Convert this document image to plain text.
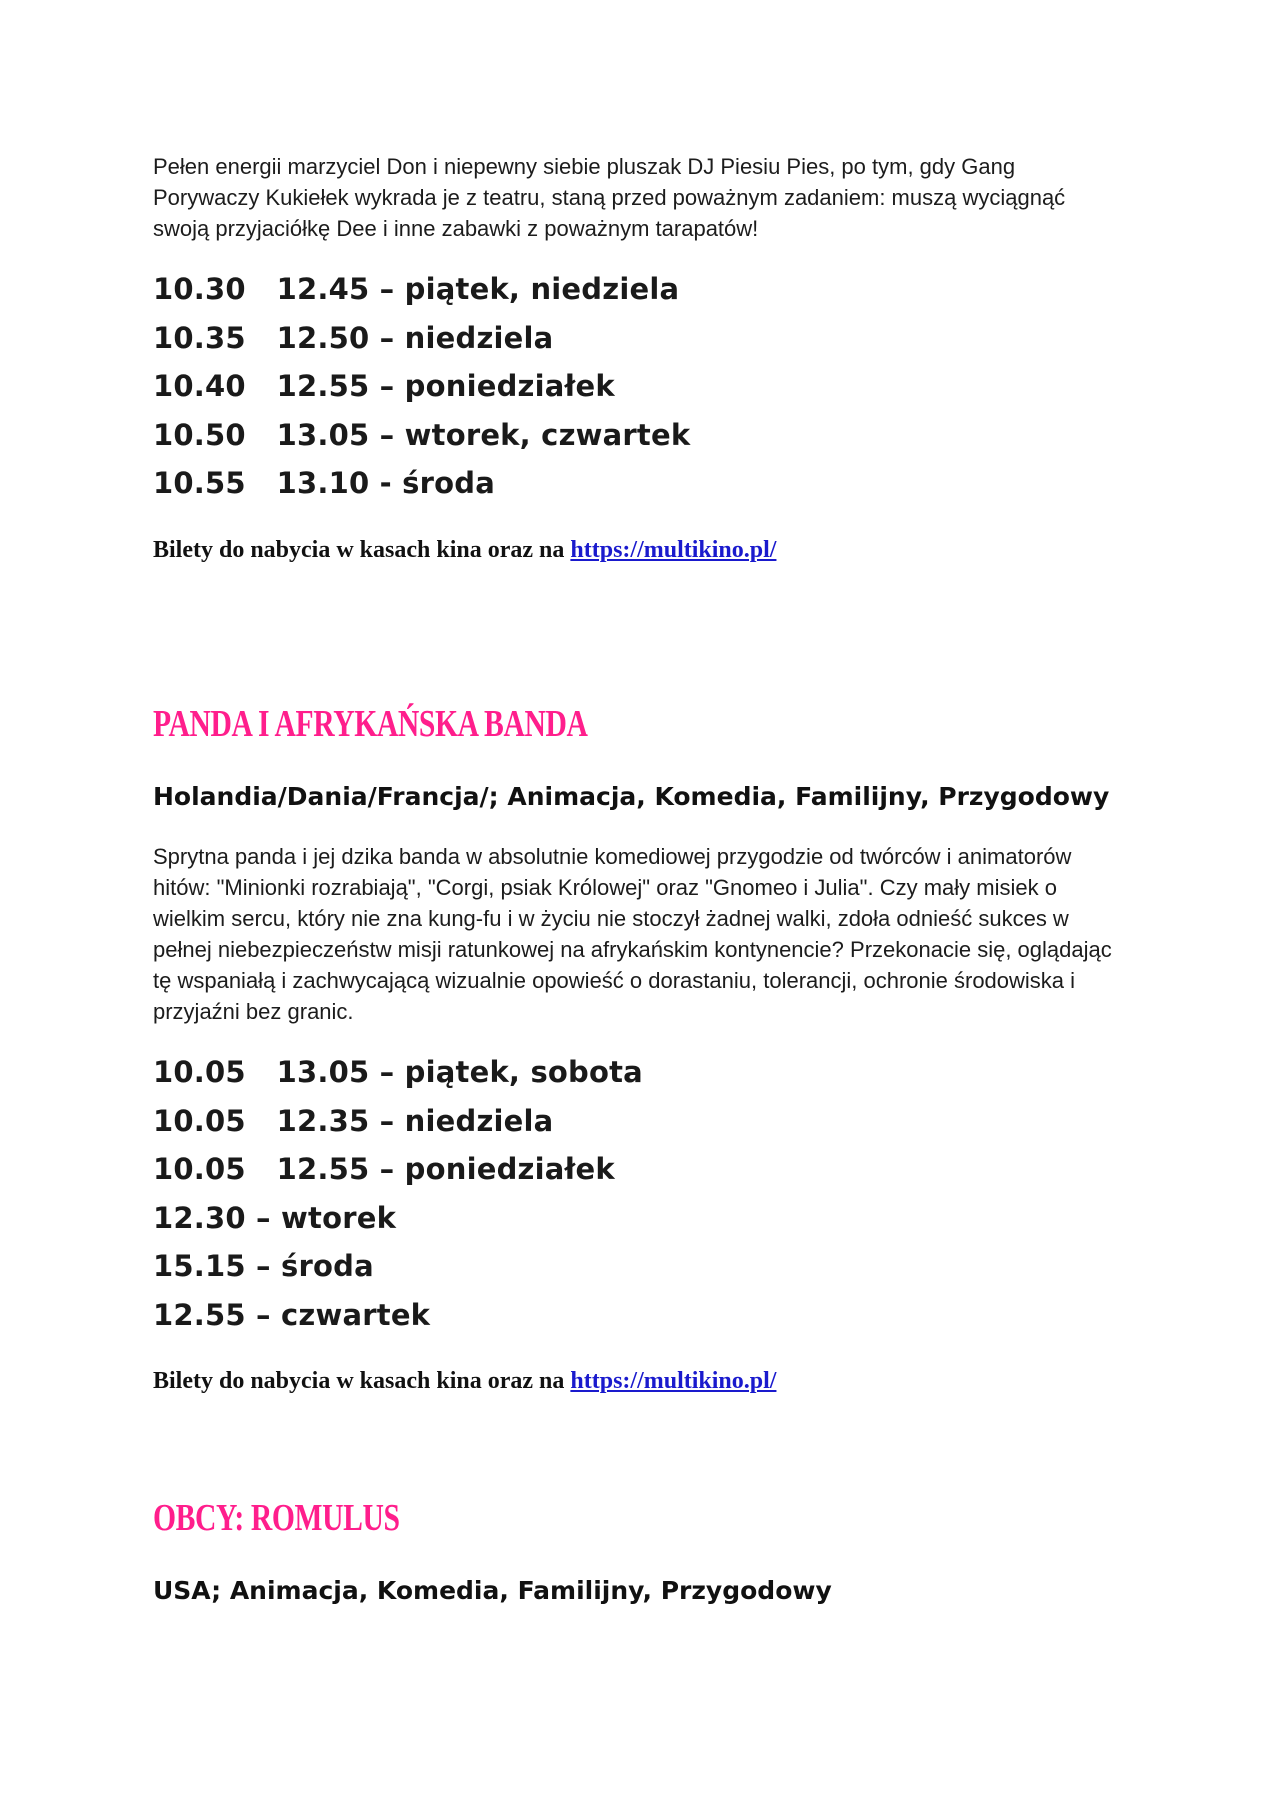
Pełen energii marzyciel Don i niepewny siebie pluszak DJ Piesiu Pies, po tym, gdy Gang Porywaczy Kukiełek wykrada je z teatru, staną przed poważnym zadaniem: muszą wyciągnąć swoją przyjaciółkę Dee i inne zabawki z poważnym tarapatów!

10.30   12.45 – piątek, niedziela
10.35   12.50 – niedziela
10.40   12.55 – poniedziałek
10.50   13.05 – wtorek, czwartek
10.55   13.10 - środa

Bilety do nabycia w kasach kina oraz na https://multikino.pl/

PANDA I AFRYKAŃSKA BANDA

Holandia/Dania/Francja/; Animacja, Komedia, Familijny, Przygodowy

Sprytna panda i jej dzika banda w absolutnie komediowej przygodzie od twórców i animatorów hitów: "Minionki rozrabiają", "Corgi, psiak Królowej" oraz "Gnomeo i Julia". Czy mały misiek o wielkim sercu, który nie zna kung-fu i w życiu nie stoczył żadnej walki, zdoła odnieść sukces w pełnej niebezpieczeństw misji ratunkowej na afrykańskim kontynencie? Przekonacie się, oglądając tę wspaniałą i zachwycającą wizualnie opowieść o dorastaniu, tolerancji, ochronie środowiska i przyjaźni bez granic.

10.05   13.05 – piątek, sobota
10.05   12.35 – niedziela
10.05   12.55 – poniedziałek
12.30 – wtorek
15.15 – środa
12.55 – czwartek

Bilety do nabycia w kasach kina oraz na https://multikino.pl/

OBCY: ROMULUS

USA; Animacja, Komedia, Familijny, Przygodowy
